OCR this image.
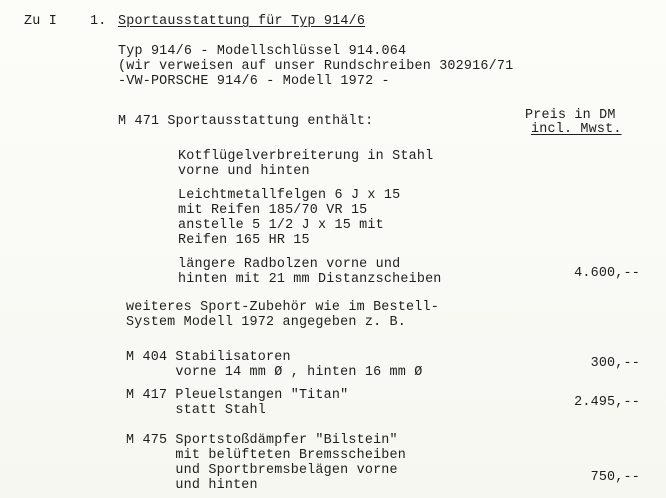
Zu I 1. Sportausstattung für Typ 914/6
Typ 914/6 - Modellschlüssel 914.064
(wir verweisen auf unser Rundschreiben 302916/71
-VW-PORSCHE 914/6 - Modell 1972 -
M 471 Sportausstattung enthält:	Preis in DM
incl. Mwst.
Kotflügelverbreiterung in Stahl
vorne und hinten
Leichtmetallfelgen 6 J x 15
mit Reifen 185/70 VR 15
anstelle 5 1/2 J x 15 mit
Reifen 165 HR 15
längere Radbolzen vorne und
hinten mit 21 mm Distanzscheiben	4.600,--
weiteres Sport-Zubehör wie im Bestell-
System Modell 1972 angegeben z. B.
M 404 Stabilisatoren
vorne 14 mm Ø , hinten 16 mm Ø
300,--
M 417 Pleuelstangen "Titan"
statt Stahl
2.495,--
M 475 Sportstoßdämpfer "Bilstein"
mit belüfteten Bremsscheiben
und Sportbremsbelägen vorne
und hinten
750,--
